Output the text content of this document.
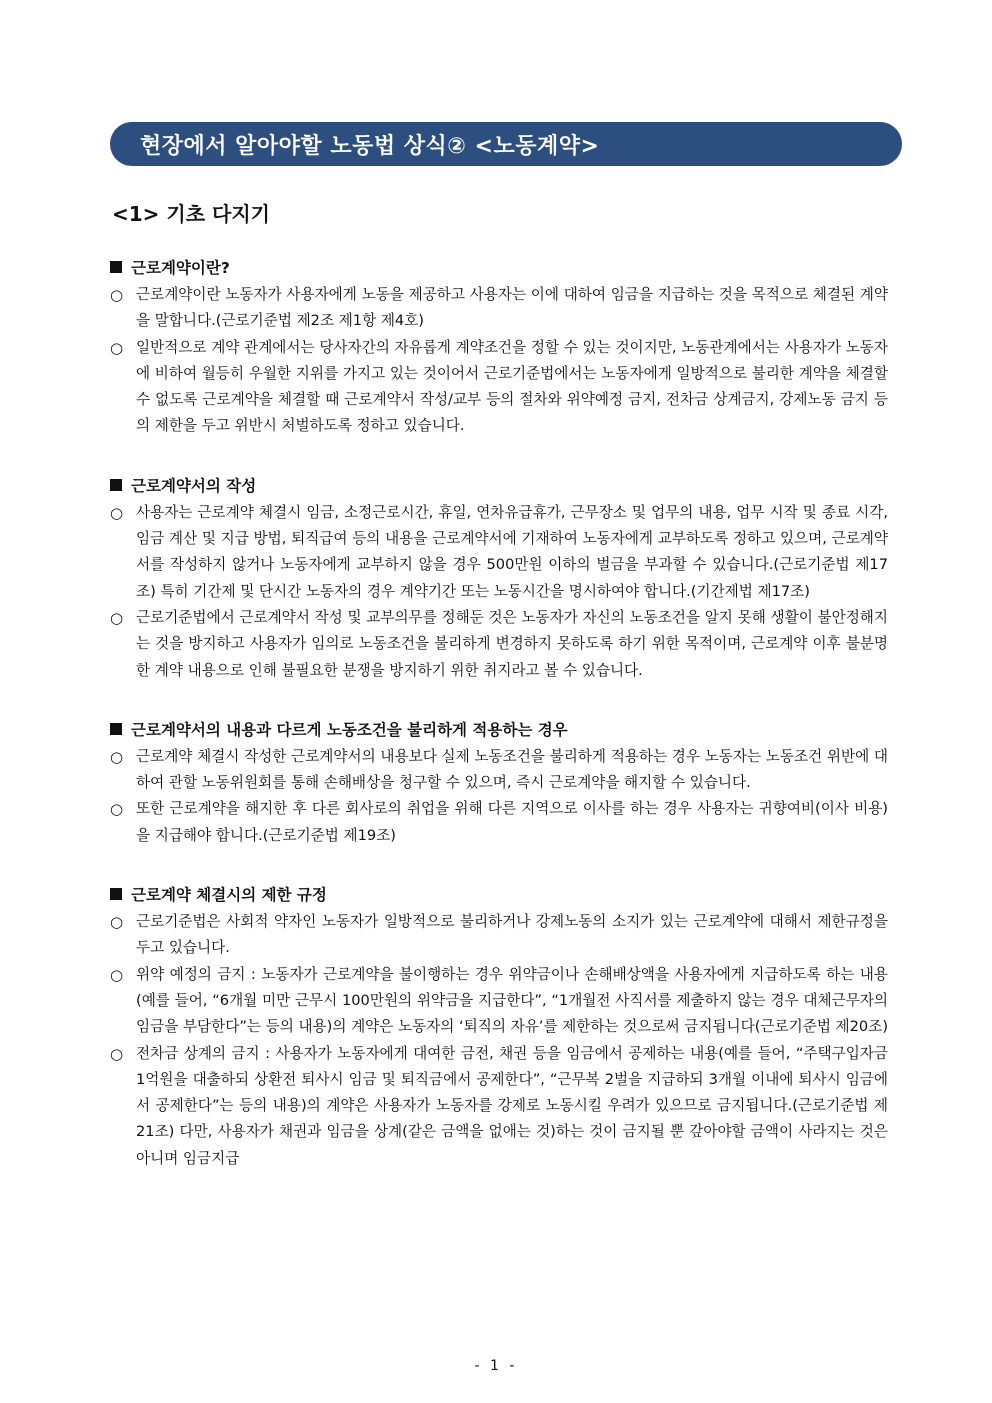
현장에서 알아야할 노동법 상식② <노동계약>
<1> 기초 다지기
근로계약이란?
○ 근로계약이란 노동자가 사용자에게 노동을 제공하고 사용자는 이에 대하여 임금을 지급하는 것을 목적으로 체결된 계약을 말합니다.(근로기준법 제2조 제1항 제4호)
○ 일반적으로 계약 관계에서는 당사자간의 자유롭게 계약조건을 정할 수 있는 것이지만, 노동관계에서는 사용자가 노동자에 비하여 월등히 우월한 지위를 가지고 있는 것이어서 근로기준법에서는 노동자에게 일방적으로 불리한 계약을 체결할 수 없도록 근로계약을 체결할 때 근로계약서 작성/교부 등의 절차와 위약예정 금지, 전차금 상계금지, 강제노동 금지 등의 제한을 두고 위반시 처벌하도록 정하고 있습니다.
근로계약서의 작성
○ 사용자는 근로계약 체결시 임금, 소정근로시간, 휴일, 연차유급휴가, 근무장소 및 업무의 내용, 업무 시작 및 종료 시각, 임금 계산 및 지급 방법, 퇴직급여 등의 내용을 근로계약서에 기재하여 노동자에게 교부하도록 정하고 있으며, 근로계약서를 작성하지 않거나 노동자에게 교부하지 않을 경우 500만원 이하의 벌금을 부과할 수 있습니다.(근로기준법 제17조) 특히 기간제 및 단시간 노동자의 경우 계약기간 또는 노동시간을 명시하여야 합니다.(기간제법 제17조)
○ 근로기준법에서 근로계약서 작성 및 교부의무를 정해둔 것은 노동자가 자신의 노동조건을 알지 못해 생활이 불안정해지는 것을 방지하고 사용자가 임의로 노동조건을 불리하게 변경하지 못하도록 하기 위한 목적이며, 근로계약 이후 불분명한 계약 내용으로 인해 불필요한 분쟁을 방지하기 위한 취지라고 볼 수 있습니다.
근로계약서의 내용과 다르게 노동조건을 불리하게 적용하는 경우
○ 근로계약 체결시 작성한 근로계약서의 내용보다 실제 노동조건을 불리하게 적용하는 경우 노동자는 노동조건 위반에 대하여 관할 노동위원회를 통해 손해배상을 청구할 수 있으며, 즉시 근로계약을 해지할 수 있습니다.
○ 또한 근로계약을 해지한 후 다른 회사로의 취업을 위해 다른 지역으로 이사를 하는 경우 사용자는 귀향여비(이사 비용)을 지급해야 합니다.(근로기준법 제19조)
근로계약 체결시의 제한 규정
○ 근로기준법은 사회적 약자인 노동자가 일방적으로 불리하거나 강제노동의 소지가 있는 근로계약에 대해서 제한규정을 두고 있습니다.
○ 위약 예정의 금지 : 노동자가 근로계약을 불이행하는 경우 위약금이나 손해배상액을 사용자에게 지급하도록 하는 내용(예를 들어, “6개월 미만 근무시 100만원의 위약금을 지급한다”, “1개월전 사직서를 제출하지 않는 경우 대체근무자의 임금을 부담한다”는 등의 내용)의 계약은 노동자의 ‘퇴직의 자유’를 제한하는 것으로써 금지됩니다(근로기준법 제20조)
○ 전차금 상계의 금지 : 사용자가 노동자에게 대여한 금전, 채권 등을 임금에서 공제하는 내용(예를 들어, “주택구입자금 1억원을 대출하되 상환전 퇴사시 임금 및 퇴직금에서 공제한다”, “근무복 2벌을 지급하되 3개월 이내에 퇴사시 임금에서 공제한다”는 등의 내용)의 계약은 사용자가 노동자를 강제로 노동시킬 우려가 있으므로 금지됩니다.(근로기준법 제21조) 다만, 사용자가 채권과 임금을 상계(같은 금액을 없애는 것)하는 것이 금지될 뿐 갚아야할 금액이 사라지는 것은 아니며 임금지급
- 1 -
